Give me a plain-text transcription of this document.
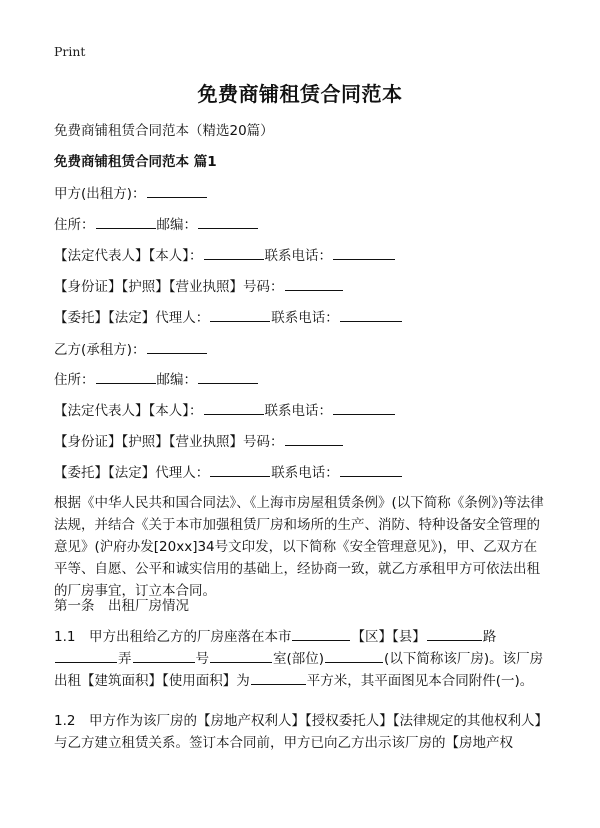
Print
免费商铺租赁合同范本

免费商铺租赁合同范本（精选20篇）

免费商铺租赁合同范本 篇1

甲方(出租方)：

住所：	邮编：

【法定代表人】【本人】：	联系电话：

【身份证】【护照】【营业执照】号码：

【委托】【法定】代理人：	联系电话：

乙方(承租方)：

住所：	邮编：

【法定代表人】【本人】：	联系电话：

【身份证】【护照】【营业执照】号码：

【委托】【法定】代理人：	联系电话：

根据《中华人民共和国合同法》、《上海市房屋租赁条例》(以下简称《条例》)等法律法规，并结合《关于本市加强租赁厂房和场所的生产、消防、特种设备安全管理的意见》(沪府办发[20xx]34号文印发，以下简称《安全管理意见》)，甲、乙双方在平等、自愿、公平和诚实信用的基础上，经协商一致，就乙方承租甲方可依法出租的厂房事宜，订立本合同。

第一条　出租厂房情况

1.1　甲方出租给乙方的厂房座落在本市	【区】【县】	路弄	号	室(部位)	(以下简称该厂房)。该厂房出租【建筑面积】【使用面积】为	平方米，其平面图见本合同附件(一)。

1.2　甲方作为该厂房的【房地产权利人】【授权委托人】【法律规定的其他权利人】与乙方建立租赁关系。签订本合同前，甲方已向乙方出示该厂房的【房地产权
